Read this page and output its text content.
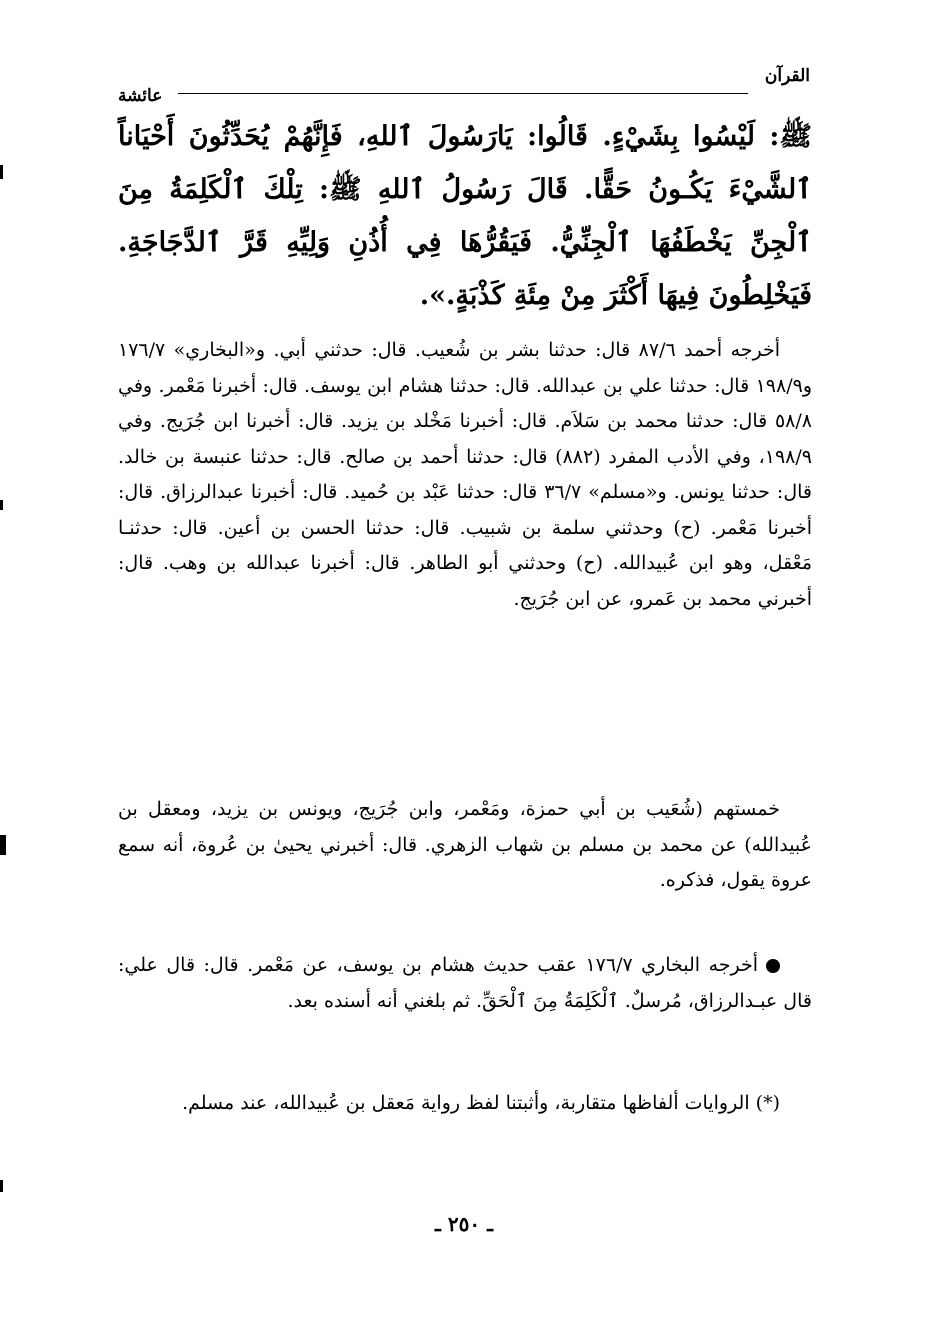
القرآن
عائشة
ﷺ: لَيْسُوا بِشَيْءٍ. قَالُوا: يَارَسُولَ ٱللهِ، فَإِنَّهُمْ يُحَدِّثُونَ أَحْيَاناً ٱلشَّيْءَ يَكُـونُ حَقًّا. قَالَ رَسُولُ ٱللهِ ﷺ: تِلْكَ ٱلْكَلِمَةُ مِنَ ٱلْجِنِّ يَخْطَفُهَا ٱلْجِنِّيُّ. فَيَقُرُّهَا فِي أُذُنِ وَلِيِّهِ قَرَّ ٱلدَّجَاجَةِ. فَيَخْلِطُونَ فِيهَا أَكْثَرَ مِنْ مِئَةِ كَذْبَةٍ.».
أخرجه أحمد ٨٧/٦ قال: حدثنا بشر بن شُعيب. قال: حدثني أبي. و«البخاري» ١٧٦/٧ و١٩٨/٩ قال: حدثنا علي بن عبدالله. قال: حدثنا هشام ابن يوسف. قال: أخبرنا مَعْمر. وفي ٥٨/٨ قال: حدثنا محمد بن سَلاَم. قال: أخبرنا مَخْلد بن يزيد. قال: أخبرنا ابن جُرَيج. وفي ١٩٨/٩، وفي الأدب المفرد (٨٨٢) قال: حدثنا أحمد بن صالح. قال: حدثنا عنبسة بن خالد. قال: حدثنا يونس. و«مسلم» ٣٦/٧ قال: حدثنا عَبْد بن حُميد. قال: أخبرنا عبدالرزاق. قال: أخبرنا مَعْمر. (ح) وحدثني سلمة بن شبيب. قال: حدثنا الحسن بن أعين. قال: حدثنـا مَعْقل، وهو ابن عُبيدالله. (ح) وحدثني أبو الطاهر. قال: أخبرنا عبدالله بن وهب. قال: أخبرني محمد بن عَمرو، عن ابن جُرَيج.
خمستهم (شُعَيب بن أبي حمزة، ومَعْمر، وابن جُرَيج، ويونس بن يزيد، ومعقل بن عُبيدالله) عن محمد بن مسلم بن شهاب الزهري. قال: أخبرني يحيىٰ بن عُروة، أنه سمع عروة يقول، فذكره.
أخرجه البخاري ١٧٦/٧ عقب حديث هشام بن يوسف، عن مَعْمر. قال: قال علي: قال عبـدالرزاق، مُرسلٌ. ٱلْكَلِمَةُ مِنَ ٱلْحَقِّ. ثم بلغني أنه أسنده بعد.
(*) الروايات ألفاظها متقاربة، وأثبتنا لفظ رواية مَعقل بن عُبيدالله، عند مسلم.
ـ ٢٥٠ ـ
